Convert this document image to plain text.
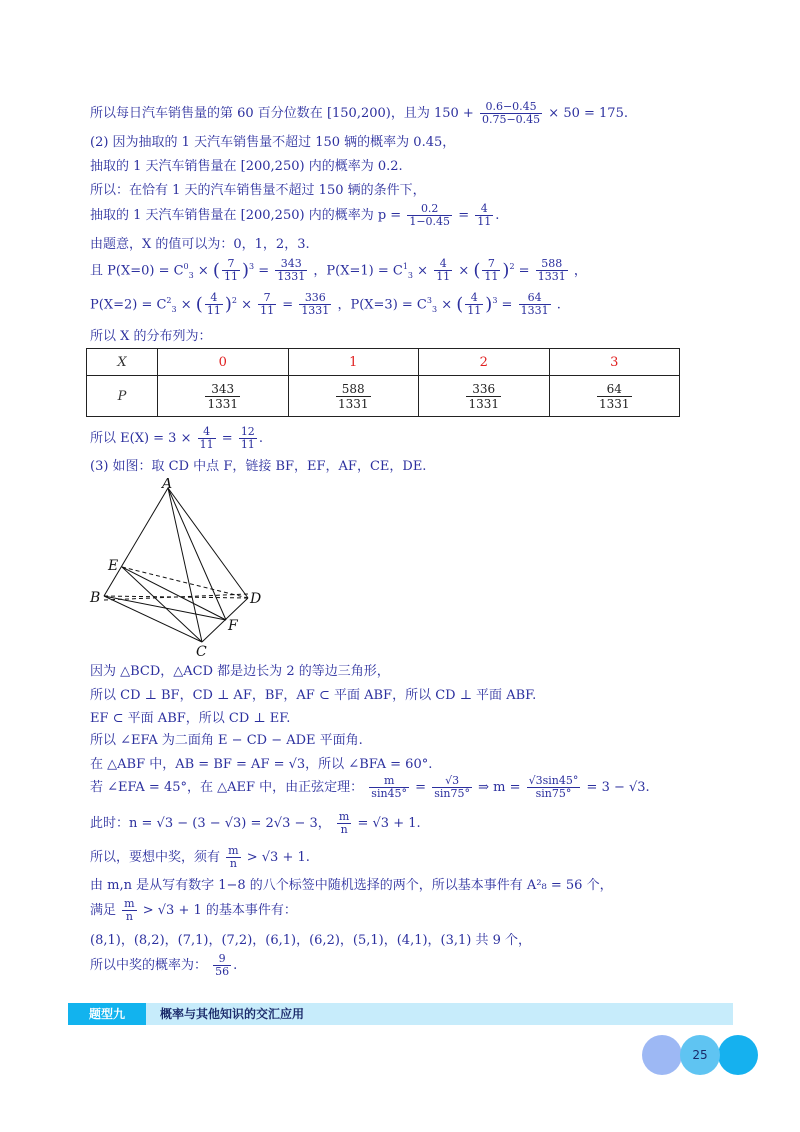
所以每日汽车销售量的第 60 百分位数在 [150,200)，且为 $150 + \frac{0.6-0.45}{0.75-0.45} \times 50 = 175$.
(2) 因为抽取的 1 天汽车销售量不超过 150 辆的概率为 0.45，
抽取的 1 天汽车销售量在 [200,250) 内的概率为 0.2.
所以：在恰有 1 天的汽车销售量不超过 150 辆的条件下，
抽取的 1 天汽车销售量在 [200,250) 内的概率为 $p = \frac{0.2}{1-0.45} = \frac{4}{11}$ .
由题意，X 的值可以为：0，1，2，3.
且 $P(X=0) = C^0_3$ × ( $\frac{7}{11} )^3 = \frac{343}{1331}$ ，$P(X=1) = C^1_3 \times \frac{4}{11}$ × ( $\frac{7}{11} )^2 = \frac{588}{1331}$ ，
$P(X=2) = C^2_3$ × ( $\frac{4}{11} )^2 \times \frac{7}{11} = \frac{336}{1331}$ ，$P(X=3) = C^3_3$ × ( $\frac{4}{11} )^3 = \frac{64}{1331}$ .
所以 X 的分布列为：
X	0	1	2	3
P	$\frac{343}{1331}$	$\frac{588}{1331}$	$\frac{336}{1331}$	$\frac{64}{1331}$
所以 $E(X) = 3 \times \frac{4}{11} = \frac{12}{11}$ .
(3) 如图：取 CD 中点 F，链接 BF，EF，AF，CE，DE.
A
E
B	D
F
C
因为 △BCD，△ACD 都是边长为 2 的等边三角形，
所以 CD ⊥ BF，CD ⊥ AF，BF，AF ⊂ 平面 ABF，所以 CD ⊥ 平面 ABF.
EF ⊂ 平面 ABF，所以 CD ⊥ EF.
所以 ∠EFA 为二面角 E − CD − ADE 平面角.
在 △ABF 中，AB = BF = AF = √3，所以 ∠BFA = 60°.
若 ∠EFA = 45°，在 △AEF 中，由正弦定理： $\frac{m}{\sin 45^\circ} = \frac{√3}{\sin 75^\circ}$ ⇒ $m = \frac{√3\sin 45^\circ}{\sin 75^\circ} = 3 - √3$.
此时：n = √3 − (3 − √3) = 2√3 − 3， $\frac{m}{n} = √3 + 1$.
所以，要想中奖，须有 $\frac{m}{n} > √3 + 1$.
由 m,n 是从写有数字 1−8 的八个标签中随机选择的两个，所以基本事件有 A²₈ = 56 个，
满足 $\frac{m}{n} > √3 + 1$ 的基本事件有：
(8,1)，(8,2)，(7,1)，(7,2)，(6,1)，(6,2)，(5,1)，(4,1)，(3,1) 共 9 个，
所以中奖的概率为： $\frac{9}{56}$ .
题型九	概率与其他知识的交汇应用
25
